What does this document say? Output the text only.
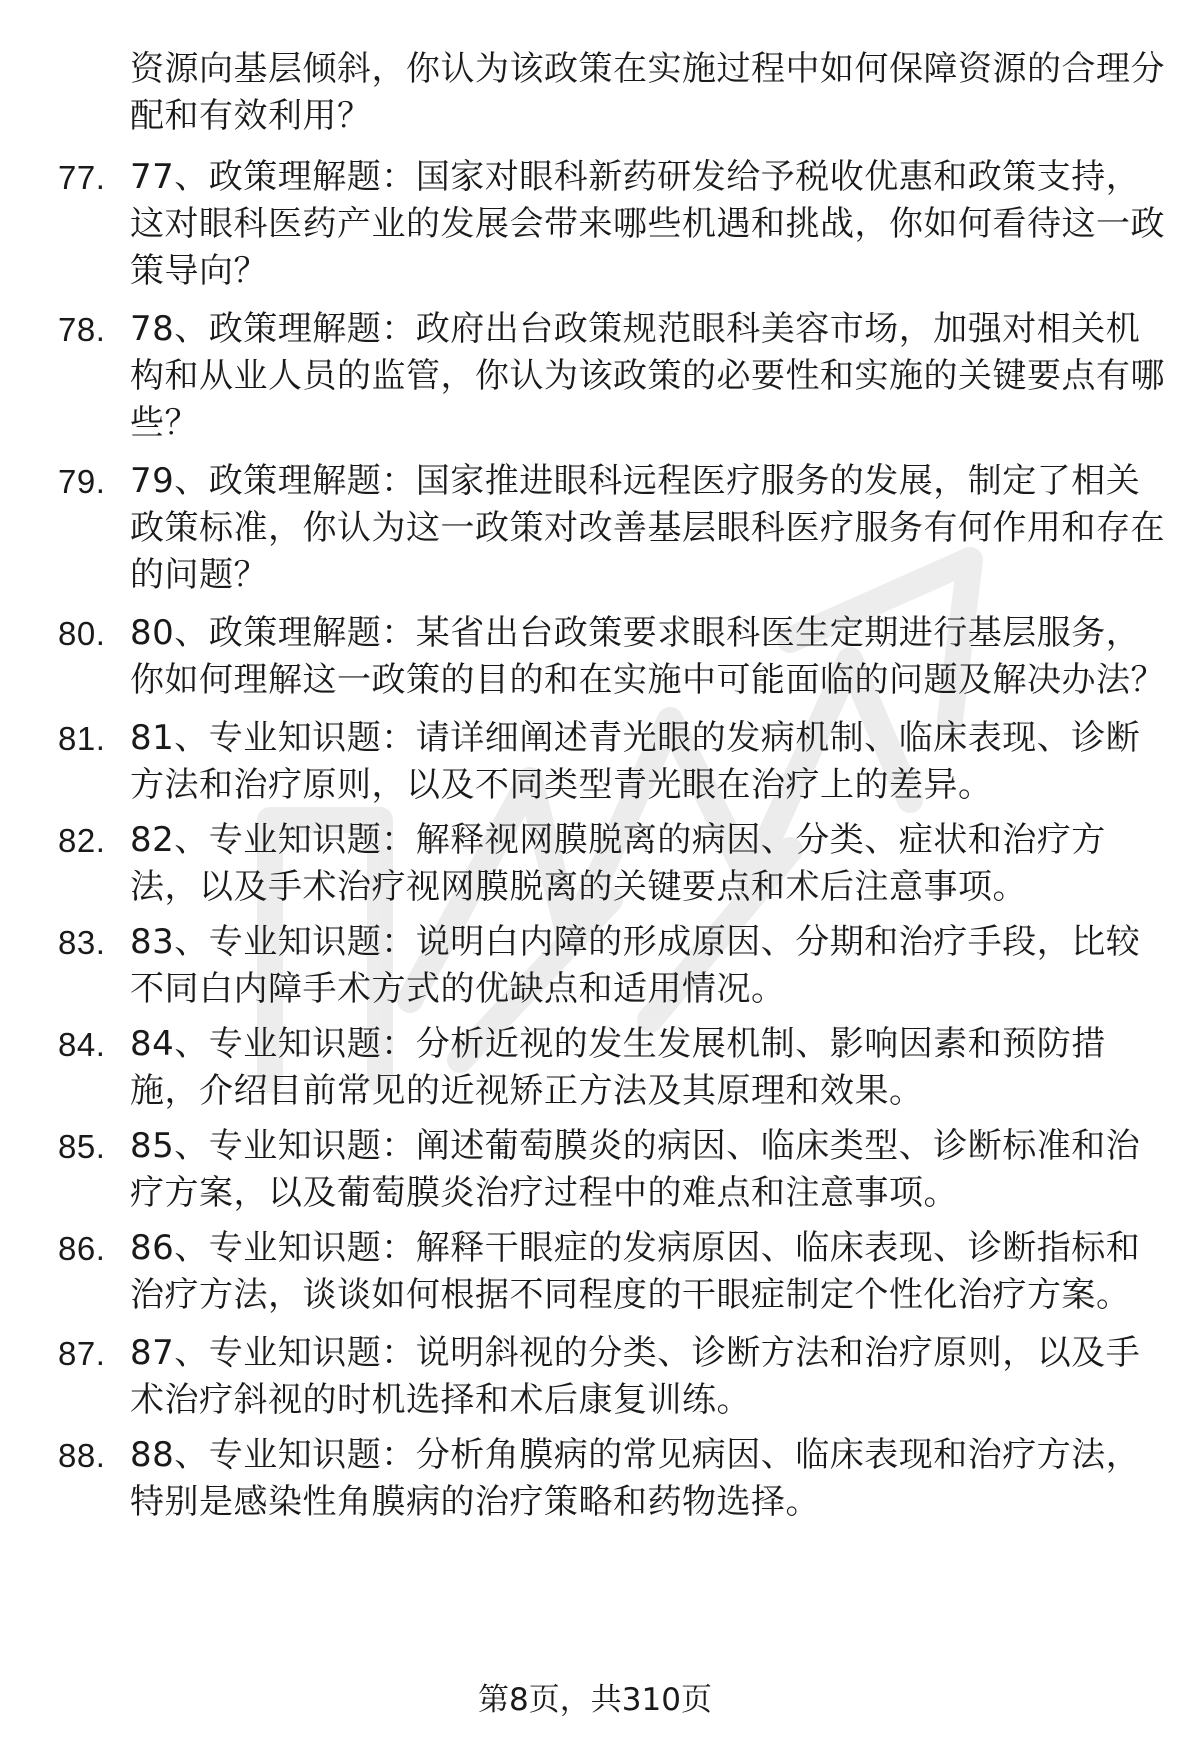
资源向基层倾斜，你认为该政策在实施过程中如何保障资源的合理分配和有效利用？
77. 77、政策理解题：国家对眼科新药研发给予税收优惠和政策支持，这对眼科医药产业的发展会带来哪些机遇和挑战，你如何看待这一政策导向？
78. 78、政策理解题：政府出台政策规范眼科美容市场，加强对相关机构和从业人员的监管，你认为该政策的必要性和实施的关键要点有哪些？
79. 79、政策理解题：国家推进眼科远程医疗服务的发展，制定了相关政策标准，你认为这一政策对改善基层眼科医疗服务有何作用和存在的问题？
80. 80、政策理解题：某省出台政策要求眼科医生定期进行基层服务，你如何理解这一政策的目的和在实施中可能面临的问题及解决办法？
81. 81、专业知识题：请详细阐述青光眼的发病机制、临床表现、诊断方法和治疗原则，以及不同类型青光眼在治疗上的差异。
82. 82、专业知识题：解释视网膜脱离的病因、分类、症状和治疗方法，以及手术治疗视网膜脱离的关键要点和术后注意事项。
83. 83、专业知识题：说明白内障的形成原因、分期和治疗手段，比较不同白内障手术方式的优缺点和适用情况。
84. 84、专业知识题：分析近视的发生发展机制、影响因素和预防措施，介绍目前常见的近视矫正方法及其原理和效果。
85. 85、专业知识题：阐述葡萄膜炎的病因、临床类型、诊断标准和治疗方案，以及葡萄膜炎治疗过程中的难点和注意事项。
86. 86、专业知识题：解释干眼症的发病原因、临床表现、诊断指标和治疗方法，谈谈如何根据不同程度的干眼症制定个性化治疗方案。
87. 87、专业知识题：说明斜视的分类、诊断方法和治疗原则，以及手术治疗斜视的时机选择和术后康复训练。
88. 88、专业知识题：分析角膜病的常见病因、临床表现和治疗方法，特别是感染性角膜病的治疗策略和药物选择。
第8页，共310页
